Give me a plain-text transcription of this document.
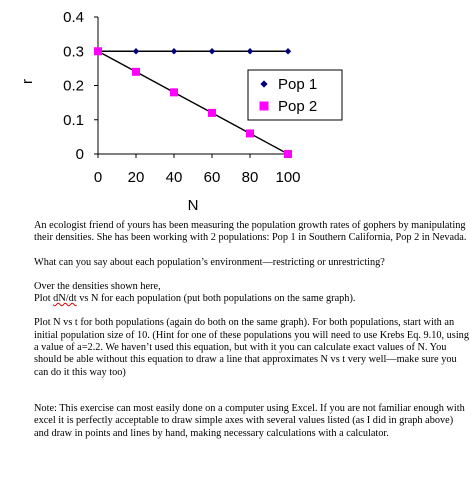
0
0.1
0.2
0.3
0.4
0 20 40 60 80 100
N
r	Pop 1
Pop 2

An ecologist friend of yours has been measuring the population growth rates of gophers by manipulating their densities. She has been working with 2 populations: Pop 1 in Southern California, Pop 2 in Nevada.

What can you say about each population’s environment—restricting or unrestricting?

Over the densities shown here,

Plot dN/dt vs N for each population (put both populations on the same graph).

Plot N vs t for both populations (again do both on the same graph). For both populations, start with an initial population size of 10. (Hint for one of these populations you will need to use Krebs Eq. 9.10, using a value of a=2.2. We haven’t used this equation, but with it you can calculate exact values of N. You should be able without this equation to draw a line that approximates N vs t very well—make sure you can do it this way too)

Note: This exercise can most easily done on a computer using Excel. If you are not familiar enough with excel it is perfectly acceptable to draw simple axes with several values listed (as I did in graph above) and draw in points and lines by hand, making necessary calculations with a calculator.
